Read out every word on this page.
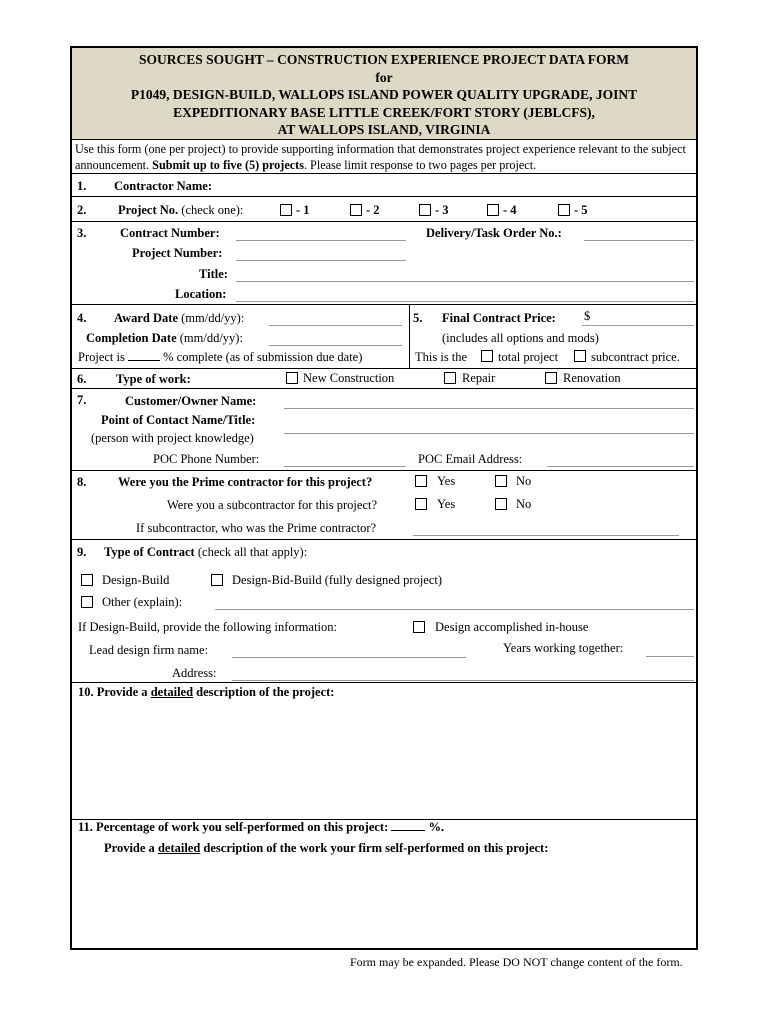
SOURCES SOUGHT – CONSTRUCTION EXPERIENCE PROJECT DATA FORM
for
P1049, DESIGN-BUILD, WALLOPS ISLAND POWER QUALITY UPGRADE, JOINT
EXPEDITIONARY BASE LITTLE CREEK/FORT STORY (JEBLCFS),
AT WALLOPS ISLAND, VIRGINIA
Use this form (one per project) to provide supporting information that demonstrates project experience relevant to the subject announcement. Submit up to five (5) projects. Please limit response to two pages per project.
1. Contractor Name:
2.	Project No. (check one):	- 1	- 2	- 3	- 4	- 5
3.	Contract Number:	Delivery/Task Order No.:
Project Number:
Title:
Location:
4. Award Date (mm/dd/yy):
Completion Date (mm/dd/yy):
Project is	% complete (as of submission due date)
5. Final Contract Price: $
(includes all options and mods)
This is the total project	subcontract price.
6. Type of work:	New Construction	Repair	Renovation
7.	Customer/Owner Name:
Point of Contact Name/Title:
(person with project knowledge)
POC Phone Number:	POC Email Address:
8.	Were you the Prime contractor for this project?	Yes	No
Were you a subcontractor for this project?	Yes	No
If subcontractor, who was the Prime contractor?
9. Type of Contract (check all that apply):
Design-Build	Design-Bid-Build (fully designed project)
Other (explain):
If Design-Build, provide the following information:	Design accomplished in-house
Lead design firm name:	Years working together:
Address:
10. Provide a detailed description of the project:
11. Percentage of work you self-performed on this project:	%.
Provide a detailed description of the work your firm self-performed on this project:
Form may be expanded. Please DO NOT change content of the form.
